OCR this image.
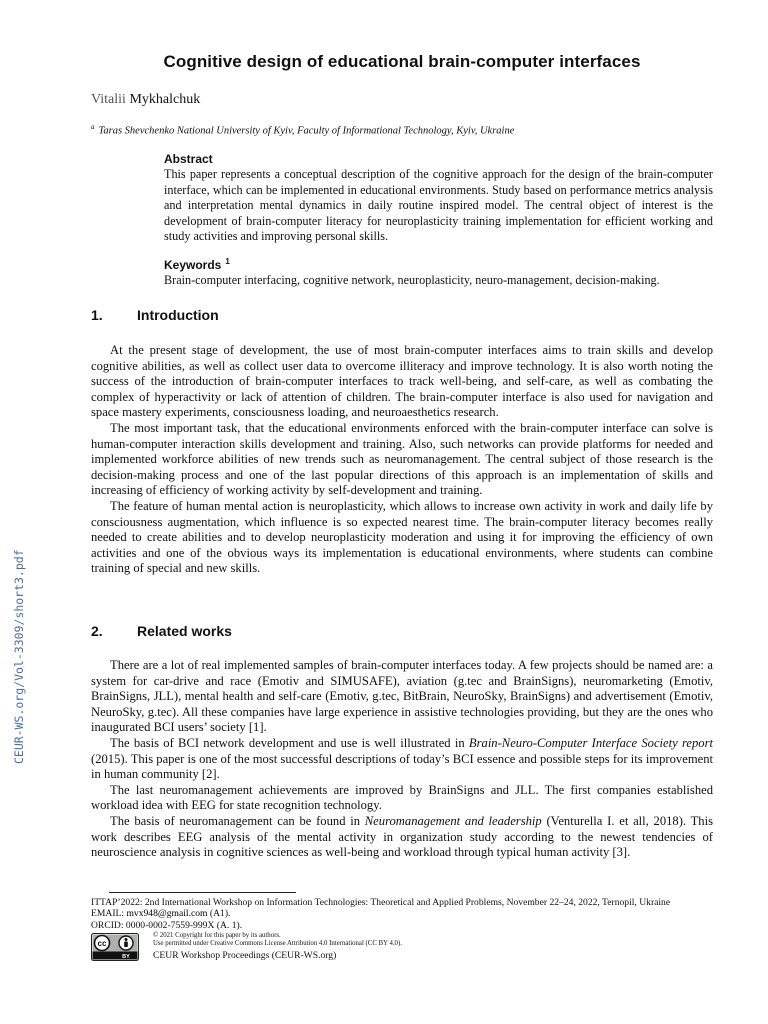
Cognitive design of educational brain-computer interfaces
Vitalii Mykhalchuk
$^a$ Taras Shevchenko National University of Kyiv, Faculty of Informational Technology, Kyiv, Ukraine
Abstract
This paper represents a conceptual description of the cognitive approach for the design of the brain-computer interface, which can be implemented in educational environments. Study based on performance metrics analysis and interpretation mental dynamics in daily routine inspired model. The central object of interest is the development of brain-computer literacy for neuroplasticity training implementation for efficient working and study activities and improving personal skills.
Keywords $^1$
Brain-computer interfacing, cognitive network, neuroplasticity, neuro-management, decision-making.
1. Introduction

At the present stage of development, the use of most brain-computer interfaces aims to train skills and develop cognitive abilities, as well as collect user data to overcome illiteracy and improve technology. It is also worth noting the success of the introduction of brain-computer interfaces to track well-being, and self-care, as well as combating the complex of hyperactivity or lack of attention of children. The brain-computer interface is also used for navigation and space mastery experiments, consciousness loading, and neuroaesthetics research.

The most important task, that the educational environments enforced with the brain-computer interface can solve is human-computer interaction skills development and training. Also, such networks can provide platforms for needed and implemented workforce abilities of new trends such as neuromanagement. The central subject of those research is the decision-making process and one of the last popular directions of this approach is an implementation of skills and increasing of efficiency of working activity by self-development and training.

The feature of human mental action is neuroplasticity, which allows to increase own activity in work and daily life by consciousness augmentation, which influence is so expected nearest time. The brain-computer literacy becomes really needed to create abilities and to develop neuroplasticity moderation and using it for improving the efficiency of own activities and one of the obvious ways its implementation is educational environments, where students can combine training of special and new skills.

2. Related works

There are a lot of real implemented samples of brain-computer interfaces today. A few projects should be named are: a system for car-drive and race (Emotiv and SIMUSAFE), aviation (g.tec and BrainSigns), neuromarketing (Emotiv, BrainSigns, JLL), mental health and self-care (Emotiv, g.tec, BitBrain, NeuroSky, BrainSigns) and advertisement (Emotiv, NeuroSky, g.tec). All these companies have large experience in assistive technologies providing, but they are the ones who inaugurated BCI users’ society [1].

The basis of BCI network development and use is well illustrated in Brain-Neuro-Computer Interface Society report (2015). This paper is one of the most successful descriptions of today’s BCI essence and possible steps for its improvement in human community [2].

The last neuromanagement achievements are improved by BrainSigns and JLL. The first companies established workload idea with EEG for state recognition technology.

The basis of neuromanagement can be found in Neuromanagement and leadership (Venturella I. et all, 2018). This work describes EEG analysis of the mental activity in organization study according to the newest tendencies of neuroscience analysis in cognitive sciences as well-being and workload through typical human activity [3].

ITTAP’2022: 2nd International Workshop on Information Technologies: Theoretical and Applied Problems, November 22–24, 2022, Ternopil, Ukraine
EMAIL: mvx948@gmail.com (A1).
ORCID: 0000-0002-7559-999X (A. 1).
cc
BY
© 2021 Copyright for this paper by its authors.
Use permitted under Creative Commons License Attribution 4.0 International (CC BY 4.0).
CEUR Workshop Proceedings (CEUR-WS.org)
CEUR-WS.org/Vol-3309/short3.pdf
